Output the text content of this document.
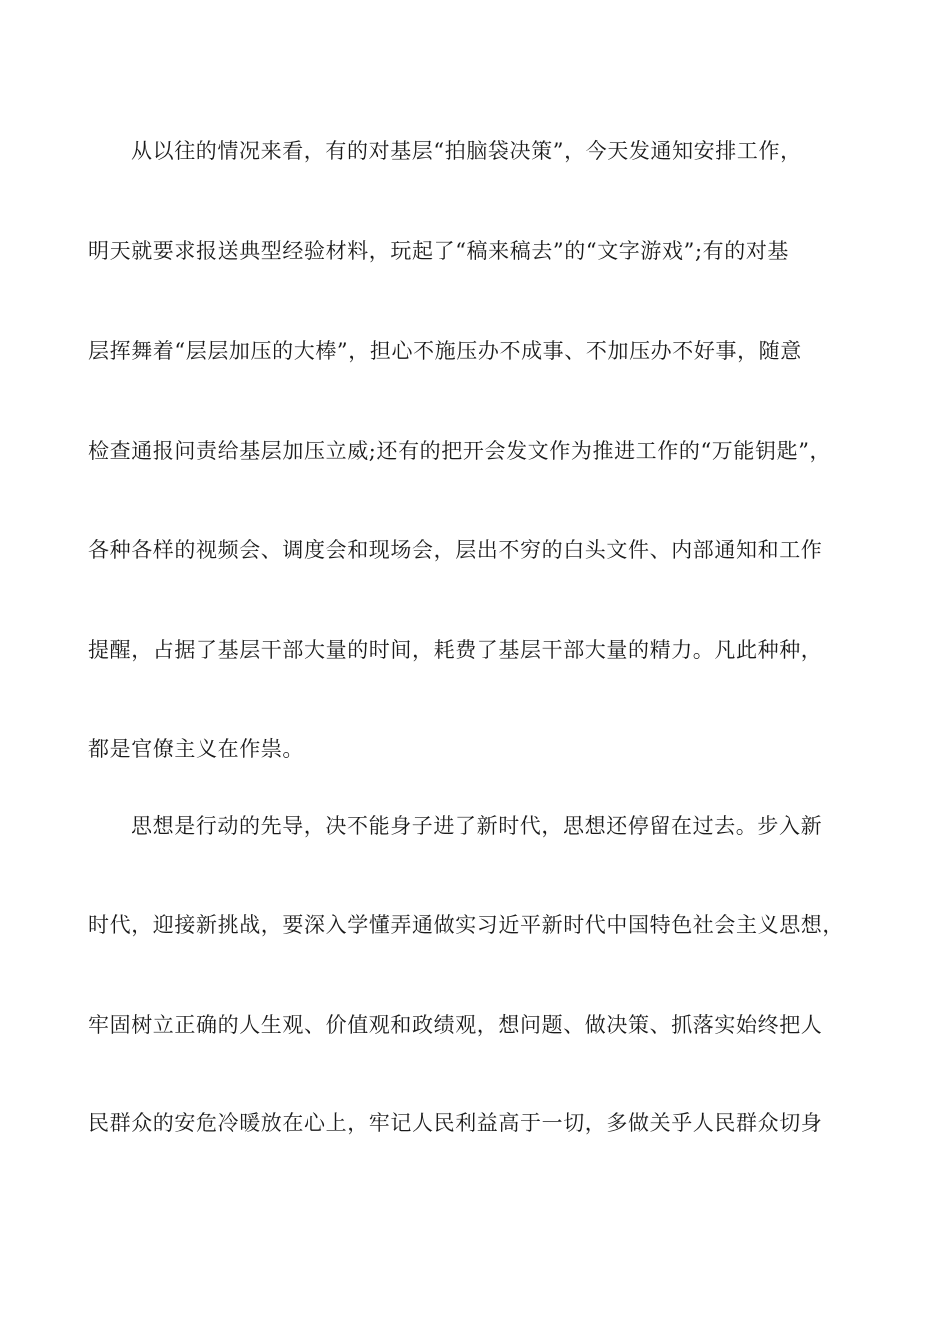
从以往的情况来看，有的对基层“拍脑袋决策”，今天发通知安排工作，
明天就要求报送典型经验材料，玩起了“稿来稿去”的“文字游戏”;有的对基
层挥舞着“层层加压的大棒”，担心不施压办不成事、不加压办不好事，随意
检查通报问责给基层加压立威;还有的把开会发文作为推进工作的“万能钥匙”，
各种各样的视频会、调度会和现场会，层出不穷的白头文件、内部通知和工作
提醒，占据了基层干部大量的时间，耗费了基层干部大量的精力。凡此种种，
都是官僚主义在作祟。
思想是行动的先导，决不能身子进了新时代，思想还停留在过去。步入新
时代，迎接新挑战，要深入学懂弄通做实习近平新时代中国特色社会主义思想，
牢固树立正确的人生观、价值观和政绩观，想问题、做决策、抓落实始终把人
民群众的安危冷暖放在心上，牢记人民利益高于一切，多做关乎人民群众切身
